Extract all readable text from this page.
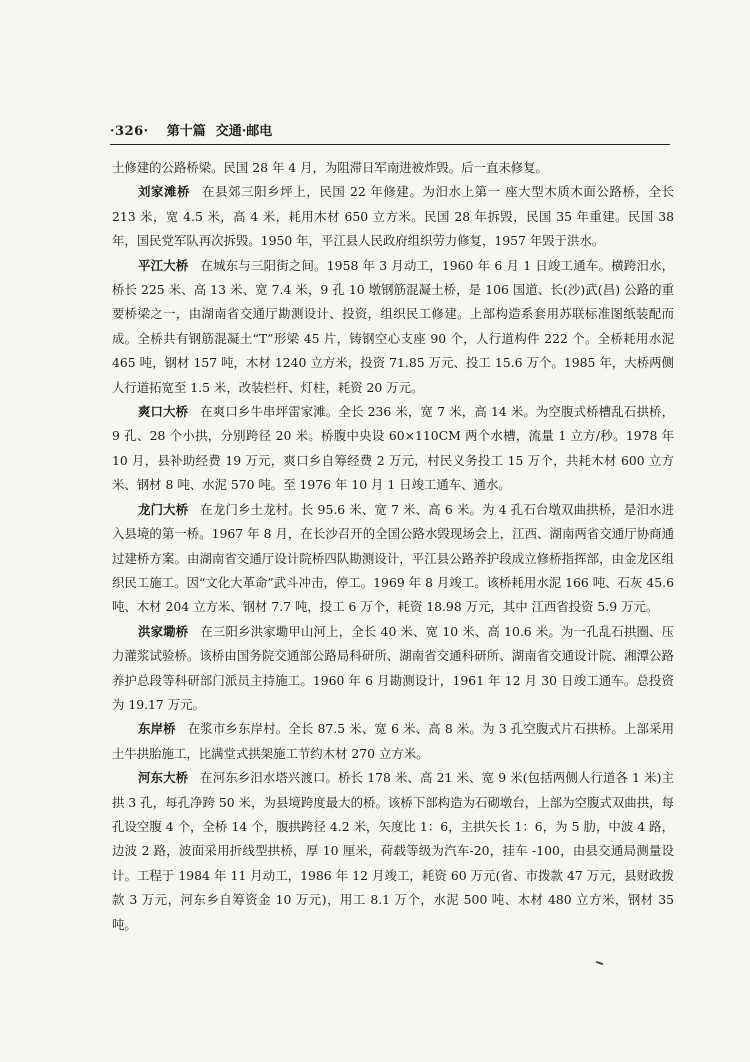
·326· 第十篇 交通·邮电

土修建的公路桥梁。民国 28 年 4 月，为阻滞日军南进被炸毁。后一直未修复。

刘家滩桥 在县郊三阳乡坪上，民国 22 年修建。为汨水上第一 座大型木质木面公路桥，全长 213 米，宽 4.5 米，高 4 米，耗用木材 650 立方米。民国 28 年拆毁，民国 35 年重建。民国 38 年，国民党军队再次拆毁。1950 年，平江县人民政府组织劳力修复，1957 年毁于洪水。

平江大桥 在城东与三阳街之间。1958 年 3 月动工，1960 年 6 月 1 日竣工通车。横跨汨水，桥长 225 米、高 13 米、宽 7.4 米，9 孔 10 墩钢筋混凝土桥，是 106 国道、长(沙)武(昌) 公路的重要桥梁之一，由湖南省交通厅勘测设计、投资，组织民工修建。上部构造系套用苏联标准图纸装配而成。全桥共有钢筋混凝土“T”形梁 45 片，铸钢空心支座 90 个，人行道构件 222 个。全桥耗用水泥 465 吨，钢材 157 吨，木材 1240 立方米，投资 71.85 万元、投工 15.6 万个。1985 年，大桥两侧人行道拓宽至 1.5 米，改装栏杆、灯柱，耗资 20 万元。

爽口大桥 在爽口乡牛串坪雷家滩。全长 236 米，宽 7 米，高 14 米。为空腹式桥槽乱石拱桥，9 孔、28 个小拱，分别跨径 20 米。桥腹中央设 60×110CM 两个水槽，流量 1 立方/秒。1978 年 10 月，县补助经费 19 万元，爽口乡自筹经费 2 万元，村民义务投工 15 万个，共耗木材 600 立方米、钢材 8 吨、水泥 570 吨。至 1976 年 10 月 1 日竣工通车、通水。

龙门大桥 在龙门乡土龙村。长 95.6 米、宽 7 米、高 6 米。为 4 孔石台墩双曲拱桥，是汨水进入县境的第一桥。1967 年 8 月，在长沙召开的全国公路水毁现场会上，江西、湖南两省交通厅协商通过建桥方案。由湖南省交通厅设计院桥四队勘测设计，平江县公路养护段成立修桥指挥部，由金龙区组织民工施工。因“文化大革命”武斗冲击，停工。1969 年 8 月竣工。该桥耗用水泥 166 吨、石灰 45.6 吨、木材 204 立方米、钢材 7.7 吨，投工 6 万个，耗资 18.98 万元，其中 江西省投资 5.9 万元。

洪家墈桥 在三阳乡洪家墈甲山河上，全长 40 米、宽 10 米、高 10.6 米。为一孔乱石拱圈、压力灌浆试验桥。该桥由国务院交通部公路局科研所、湖南省交通科研所、湖南省交通设计院、湘潭公路养护总段等科研部门派员主持施工。1960 年 6 月勘测设计，1961 年 12 月 30 日竣工通车。总投资为 19.17 万元。

东岸桥 在浆市乡东岸村。全长 87.5 米、宽 6 米、高 8 米。为 3 孔空腹式片石拱桥。上部采用土牛拱胎施工，比满堂式拱架施工节约木材 270 立方米。

河东大桥 在河东乡汨水塔兴渡口。桥长 178 米、高 21 米、宽 9 米(包括两侧人行道各 1 米)主拱 3 孔，每孔净跨 50 米，为县境跨度最大的桥。该桥下部构造为石砌墩台，上部为空腹式双曲拱，每孔设空腹 4 个，全桥 14 个，腹拱跨径 4.2 米，矢度比 1：6，主拱矢长 1：6，为 5 肋，中波 4 路，边波 2 路，波面采用折线型拱桥，厚 10 厘米，荷载等级为汽车-20，挂车 -100，由县交通局测量设计。工程于 1984 年 11 月动工，1986 年 12 月竣工，耗资 60 万元(省、市拨款 47 万元，县财政拨款 3 万元，河东乡自筹资金 10 万元)，用工 8.1 万个，水泥 500 吨、木材 480 立方米，钢材 35 吨。
